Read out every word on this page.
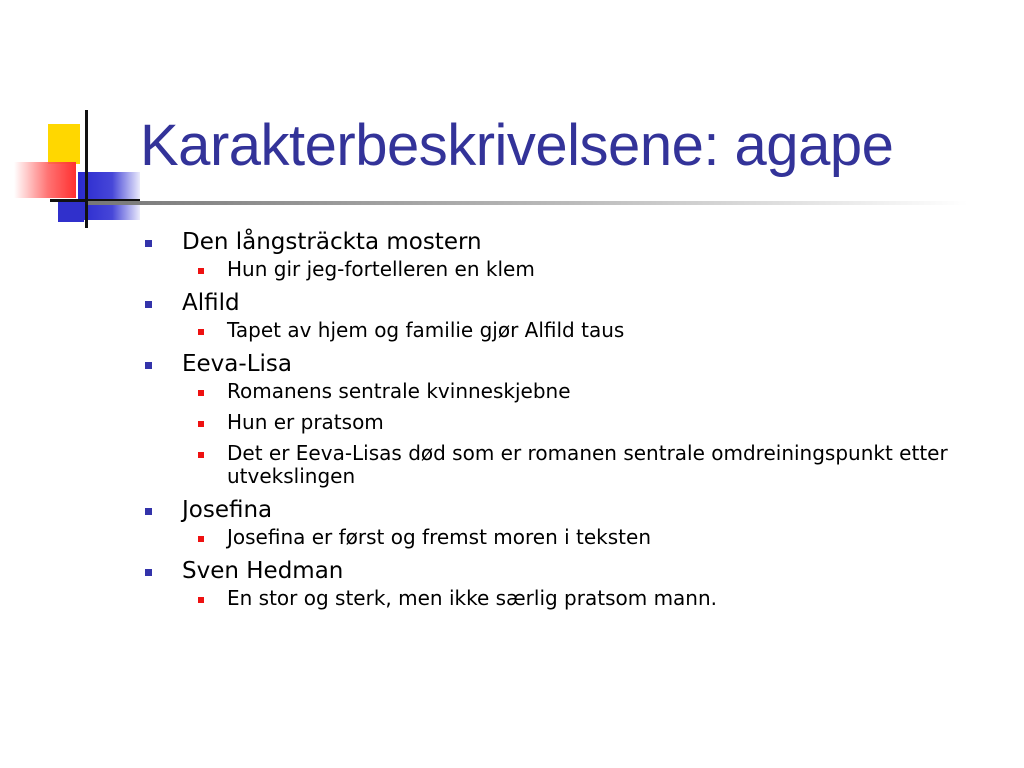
Karakterbeskrivelsene: agape
Den långsträckta mostern
Hun gir jeg-fortelleren en klem
Alfild
Tapet av hjem og familie gjør Alfild taus
Eeva-Lisa
Romanens sentrale kvinneskjebne
Hun er pratsom
Det er Eeva-Lisas død som er romanen sentrale omdreiningspunkt etter utvekslingen
Josefina
Josefina er først og fremst moren i teksten
Sven Hedman
En stor og sterk, men ikke særlig pratsom mann.
